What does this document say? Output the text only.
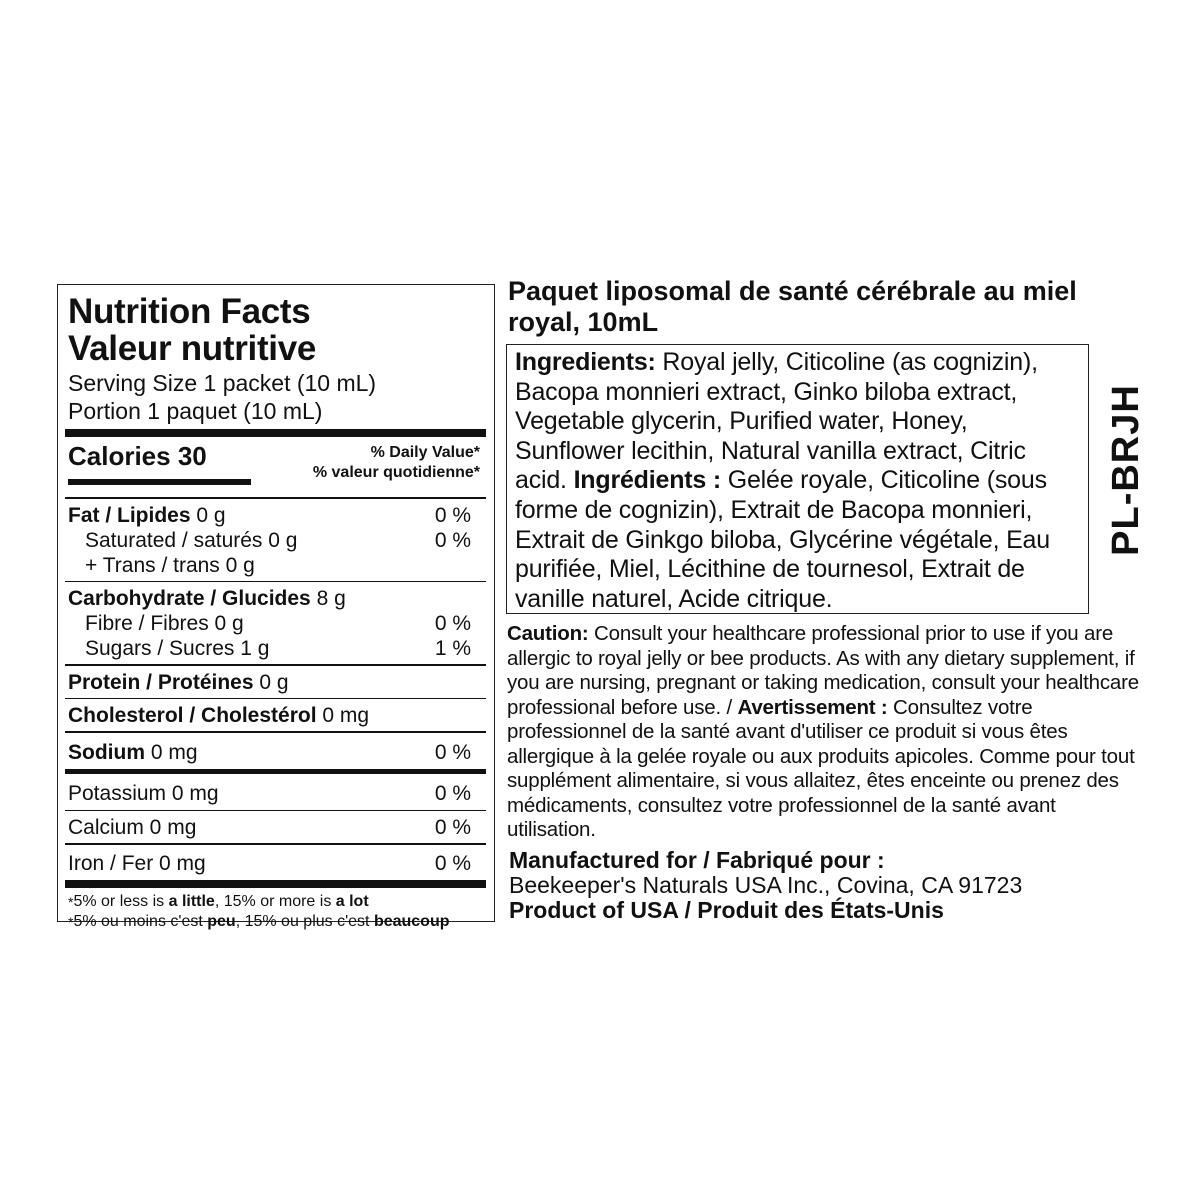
Nutrition Facts
Valeur nutritive
Serving Size 1 packet (10 mL)
Portion 1 paquet (10 mL)
Calories 30	% Daily Value*
% valeur quotidienne*
Fat / Lipides 0 g	0 %
Saturated / saturés 0 g	0 %
+ Trans / trans 0 g
Carbohydrate / Glucides 8 g
Fibre / Fibres 0 g	0 %
Sugars / Sucres 1 g	1 %
Protein / Protéines 0 g
Cholesterol / Cholestérol 0 mg
Sodium 0 mg	0 %
Potassium 0 mg	0 %
Calcium 0 mg	0 %
Iron / Fer 0 mg	0 %
*5% or less is a little, 15% or more is a lot
*5% ou moins c'est peu, 15% ou plus c'est beaucoup
Paquet liposomal de santé cérébrale au miel royal, 10mL
Ingredients: Royal jelly, Citicoline (as cognizin), Bacopa monnieri extract, Ginko biloba extract, Vegetable glycerin, Purified water, Honey, Sunflower lecithin, Natural vanilla extract, Citric acid. Ingrédients : Gelée royale, Citicoline (sous forme de cognizin), Extrait de Bacopa monnieri, Extrait de Ginkgo biloba, Glycérine végétale, Eau purifiée, Miel, Lécithine de tournesol, Extrait de vanille naturel, Acide citrique.
PL-BRJH
Caution: Consult your healthcare professional prior to use if you are allergic to royal jelly or bee products. As with any dietary supplement, if you are nursing, pregnant or taking medication, consult your healthcare professional before use. / Avertissement : Consultez votre professionnel de la santé avant d'utiliser ce produit si vous êtes allergique à la gelée royale ou aux produits apicoles. Comme pour tout supplément alimentaire, si vous allaitez, êtes enceinte ou prenez des médicaments, consultez votre professionnel de la santé avant utilisation.
Manufactured for / Fabriqué pour :
Beekeeper's Naturals USA Inc., Covina, CA 91723
Product of USA / Produit des États-Unis
